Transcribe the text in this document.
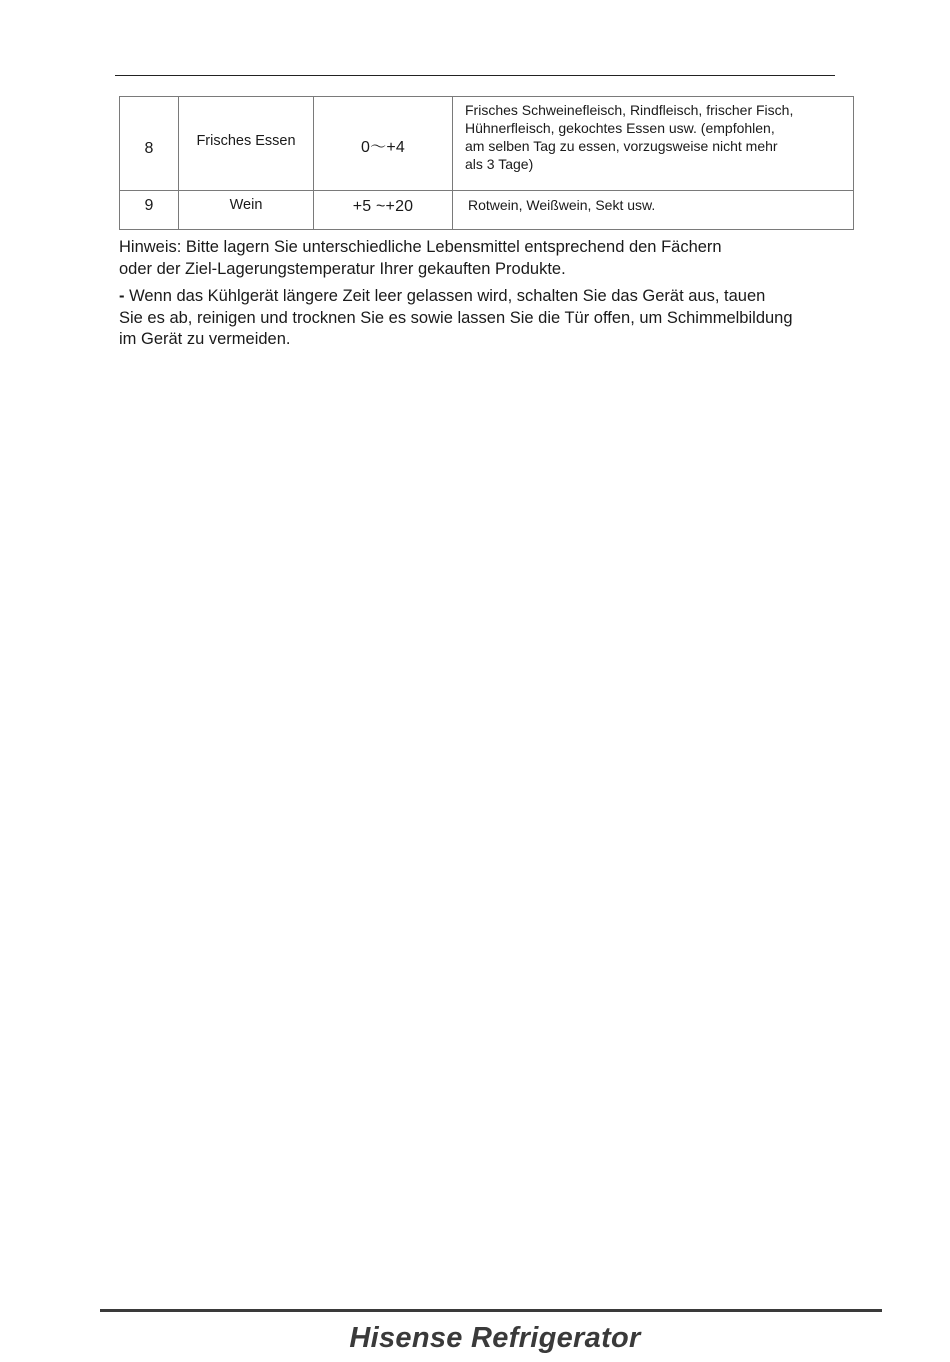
8	Frisches Essen	0～+4	Frisches Schweinefleisch, Rindfleisch, frischer Fisch,
Hühnerfleisch, gekochtes Essen usw. (empfohlen,
am selben Tag zu essen, vorzugsweise nicht mehr
als 3 Tage)

9	Wein	+5 ~+20	Rotwein, Weißwein, Sekt usw.

Hinweis: Bitte lagern Sie unterschiedliche Lebensmittel entsprechend den Fächern
oder der Ziel-Lagerungstemperatur Ihrer gekauften Produkte.

- Wenn das Kühlgerät längere Zeit leer gelassen wird, schalten Sie das Gerät aus, tauen
Sie es ab, reinigen und trocknen Sie es sowie lassen Sie die Tür offen, um Schimmelbildung
im Gerät zu vermeiden.

Hisense Refrigerator
